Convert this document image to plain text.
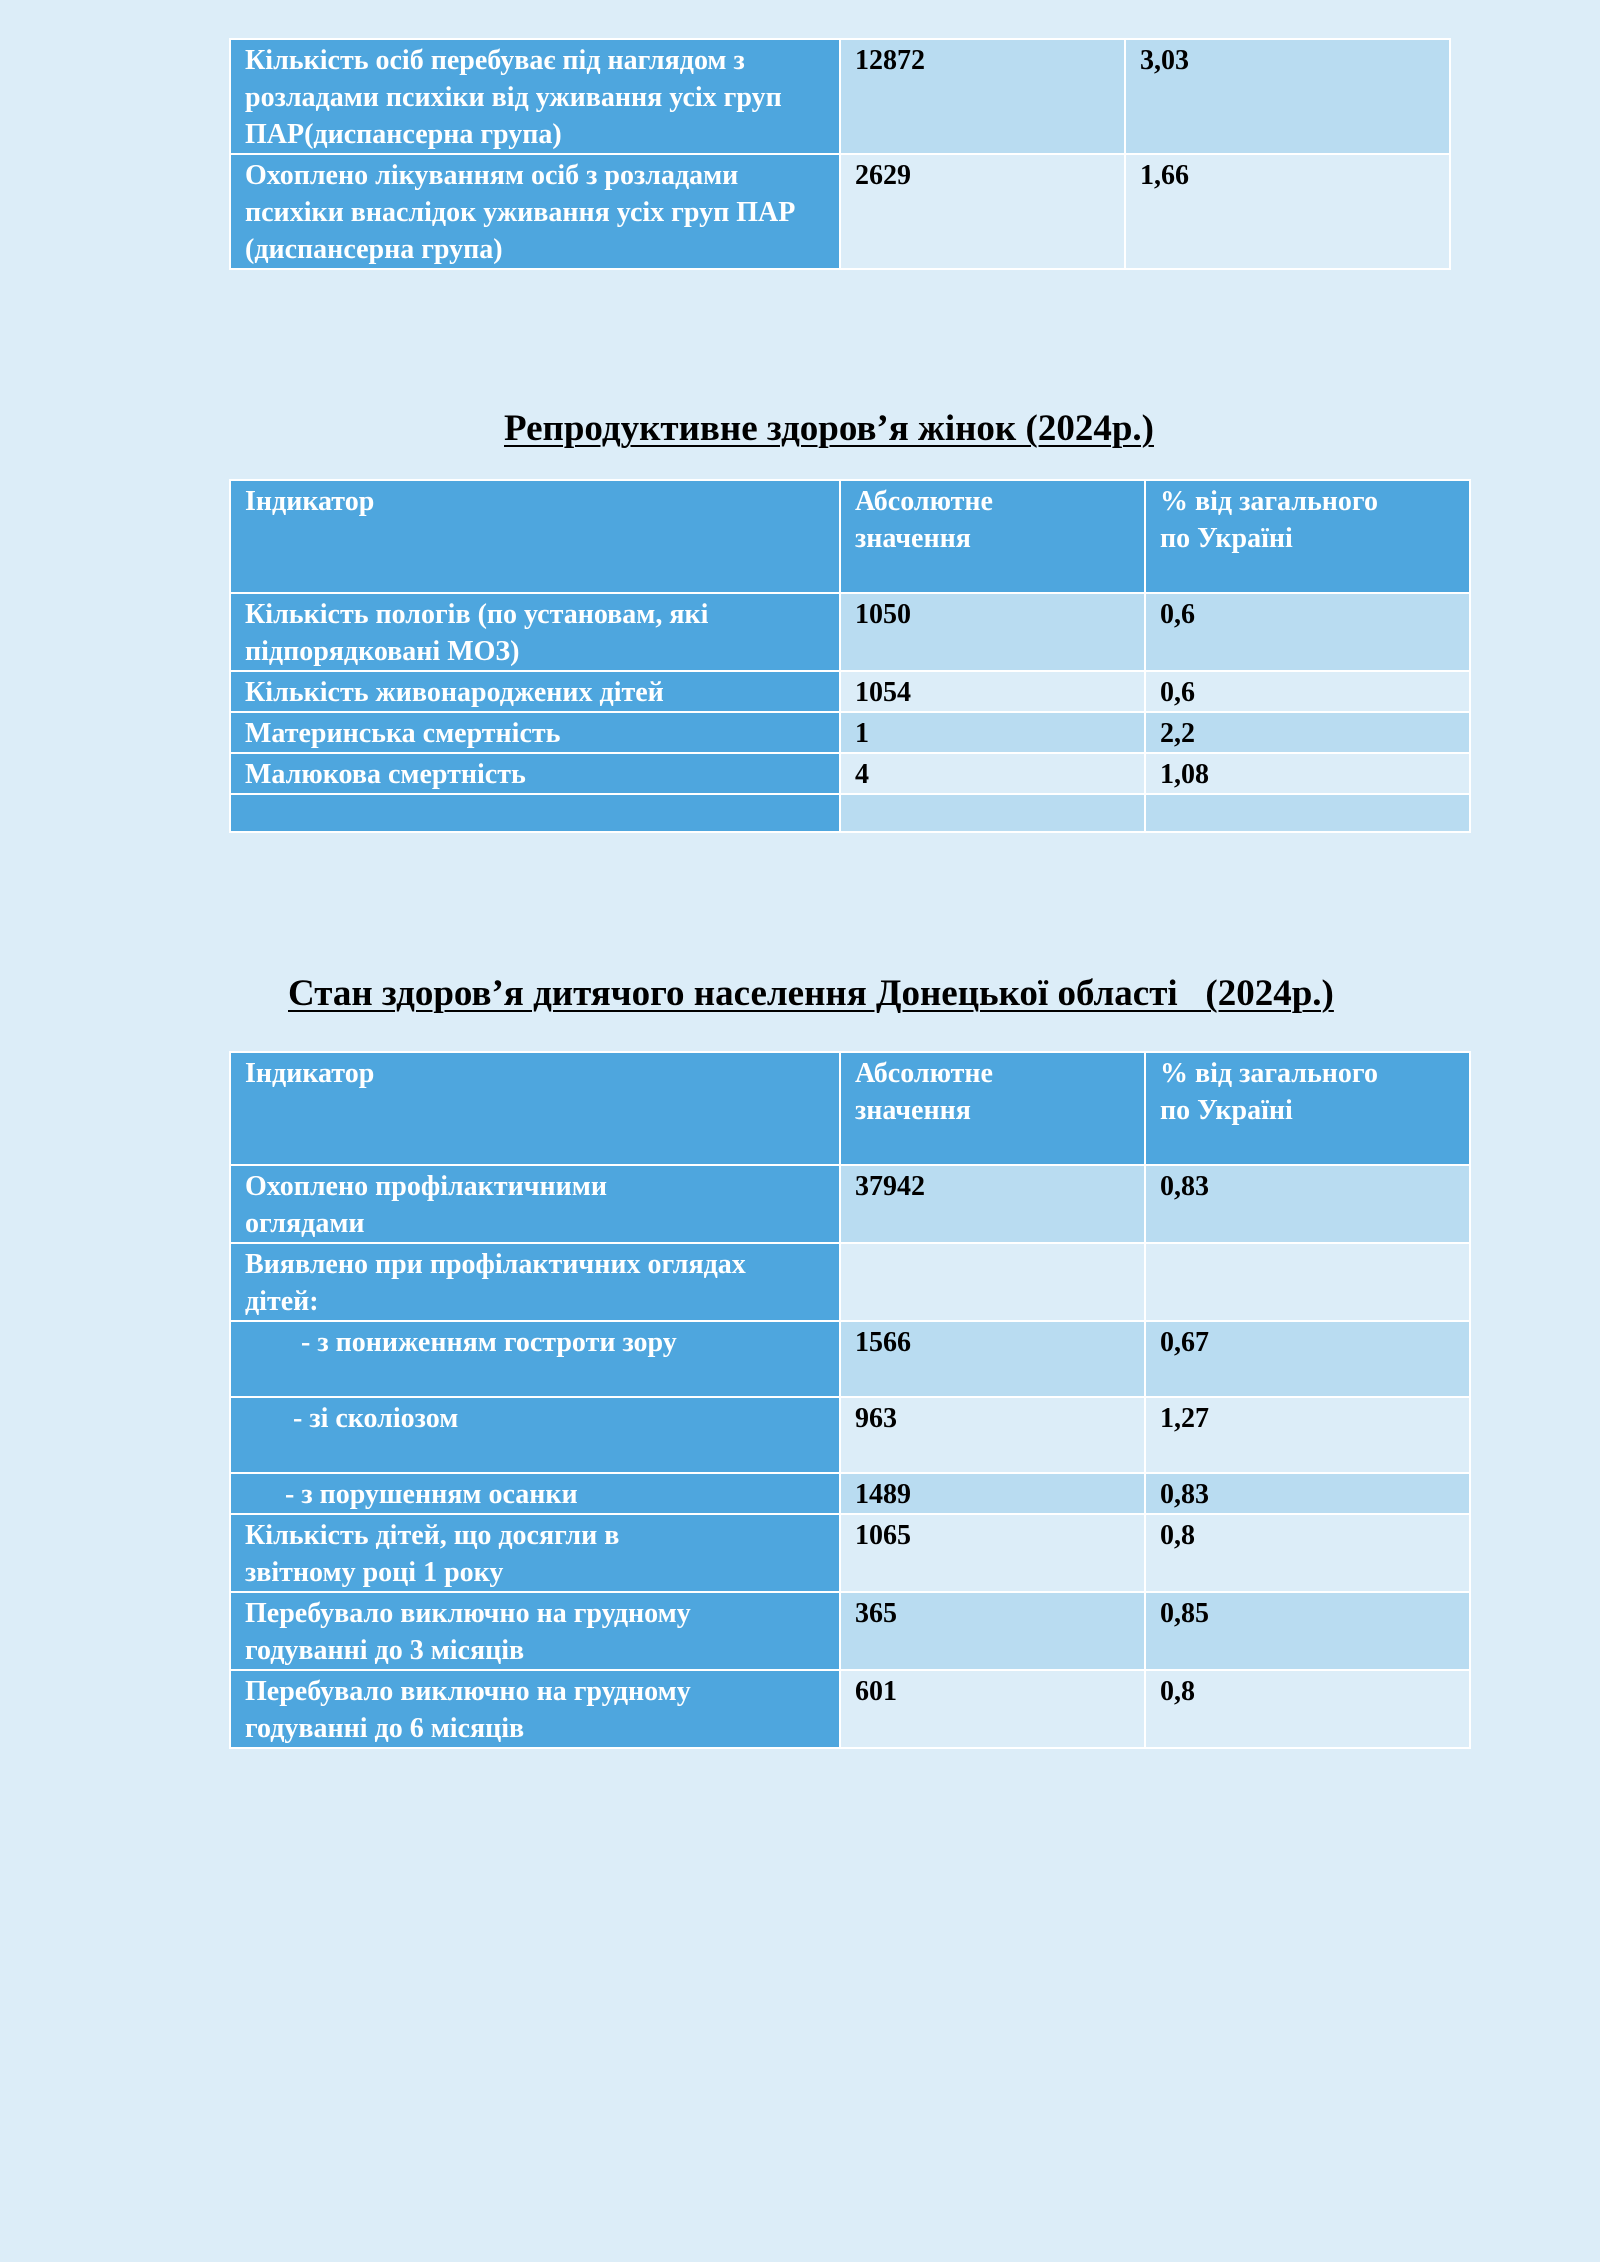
Кількість осіб перебуває під наглядом з розладами психіки від уживання усіх груп ПАР(диспансерна група)	12872	3,03
Охоплено лікуванням осіб з розладами психіки внаслідок уживання усіх груп ПАР (диспансерна група)	2629	1,66
Репродуктивне здоров’я жінок (2024р.)
Індикатор	Абсолютне значення	% від загального по Україні
Кількість пологів (по установам, які підпорядковані МОЗ)	1050	0,6
Кількість живонароджених дітей	1054	0,6
Материнська смертність	1	2,2
Малюкова смертність	4	1,08

Стан здоров’я дитячого населення Донецької області   (2024р.)
Індикатор	Абсолютне значення	% від загального по Україні
Охоплено профілактичними оглядами	37942	0,83
Виявлено при профілактичних оглядах дітей:		
- з пониженням гостроти зору	1566	0,67
- зі сколіозом	963	1,27
- з порушенням осанки	1489	0,83
Кількість дітей, що досягли в звітному році 1 року	1065	0,8
Перебувало виключно на грудному годуванні до 3 місяців	365	0,85
Перебувало виключно на грудному годуванні до 6 місяців	601	0,8
